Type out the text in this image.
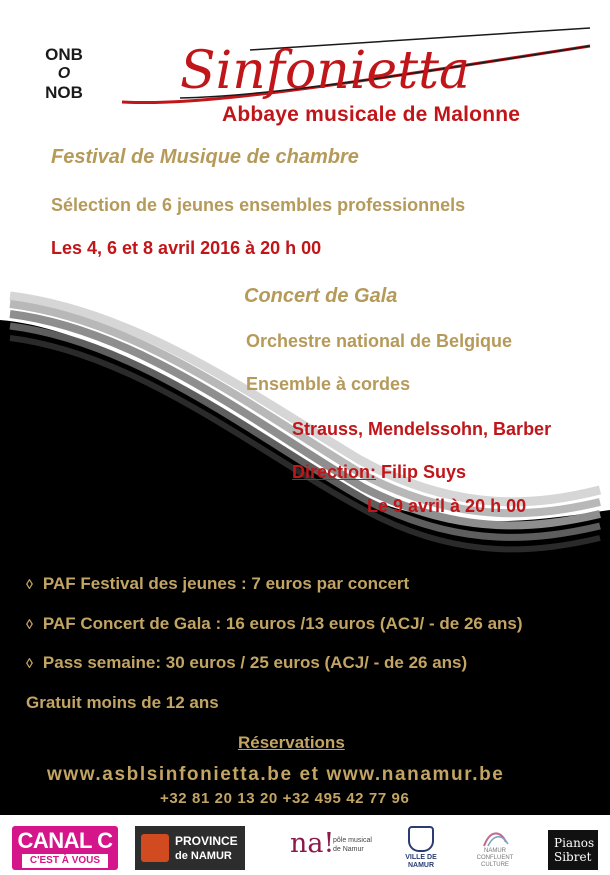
ONB
O
NOB Sinfonietta
Abbaye musicale de Malonne
Festival de Musique de chambre
Sélection de 6 jeunes ensembles professionnels
Les 4, 6 et 8 avril 2016 à 20 h 00
Concert de Gala
Orchestre national de Belgique
Ensemble à cordes
Strauss, Mendelssohn, Barber
Direction: Filip Suys
Le 9 avril à 20 h 00
◊ PAF Festival des jeunes : 7 euros par concert
◊ PAF Concert de Gala : 16 euros /13 euros (ACJ/ - de 26 ans)
◊ Pass semaine: 30 euros / 25 euros (ACJ/ - de 26 ans)
Gratuit moins de 12 ans
Réservations
www.asblsinfonietta.be et www.nanamur.be
+32 81 20 13 20 +32 495 42 77 96
CANAL C
C'EST À VOUS
PROVINCE
de NAMUR na!
pôle musical de Namur
VILLE DE NAMUR
NAMUR CONFLUENT CULTURE
Pianos
Sibret
